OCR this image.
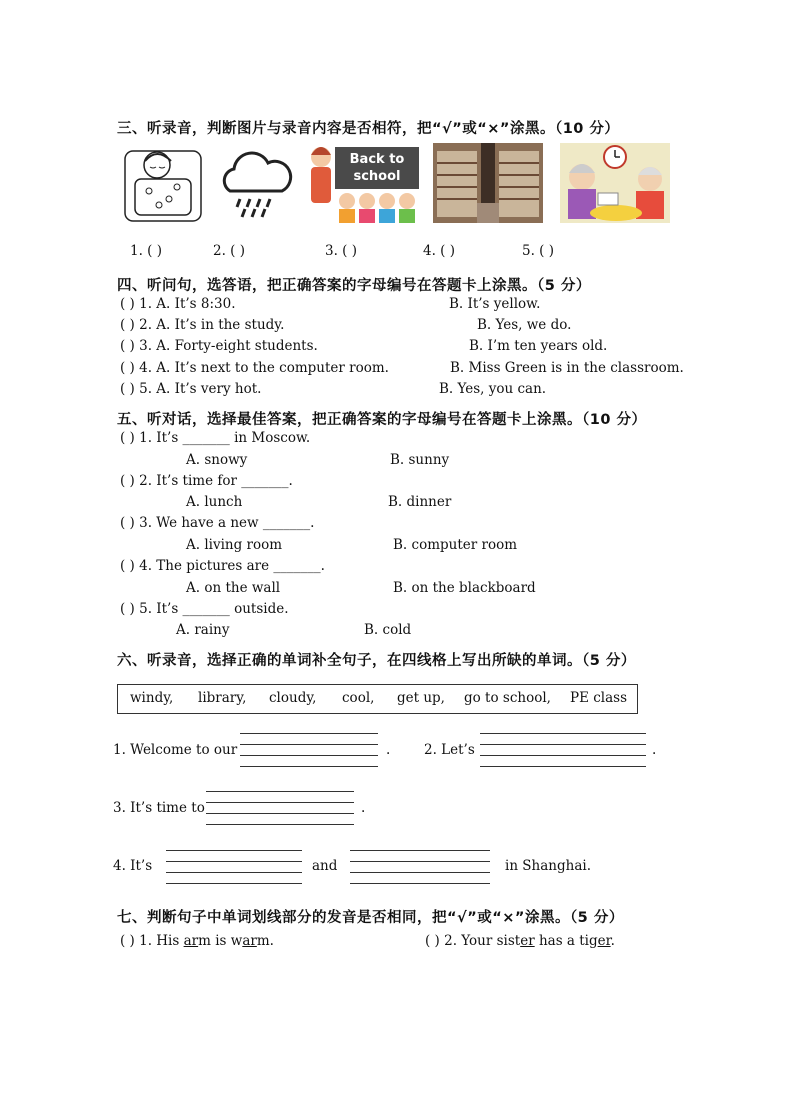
三、听录音，判断图片与录音内容是否相符，把“√”或“×”涂黑。（10 分）
Back to
school
1. ( )	2. ( )	3. ( )	4. ( )	5. ( )
四、听问句，选答语，把正确答案的字母编号在答题卡上涂黑。（5 分）
( ) 1. A. It’s 8:30.	B. It’s yellow.
( ) 2. A. It’s in the study.	B. Yes, we do.
( ) 3. A. Forty-eight students.	B. I’m ten years old.
( ) 4. A. It’s next to the computer room.	B. Miss Green is in the classroom.
( ) 5. A. It’s very hot.	B. Yes, you can.
五、听对话，选择最佳答案，把正确答案的字母编号在答题卡上涂黑。（10 分）
( ) 1. It’s _______ in Moscow.
A. snowy	B. sunny
( ) 2. It’s time for _______.
A. lunch	B. dinner
( ) 3. We have a new _______.
A. living room	B. computer room
( ) 4. The pictures are _______.
A. on the wall	B. on the blackboard
( ) 5. It’s _______ outside.
A. rainy	B. cold
六、听录音，选择正确的单词补全句子，在四线格上写出所缺的单词。（5 分）
windy, library, cloudy, cool, get up, go to school, PE class
1. Welcome to our	. 2. Let’s	.
3. It’s time to	.
4. It’s	and	in Shanghai.
七、判断句子中单词划线部分的发音是否相同，把“√”或“×”涂黑。（5 分）
( ) 1. His arm is warm.	( ) 2. Your sister has a tiger.
